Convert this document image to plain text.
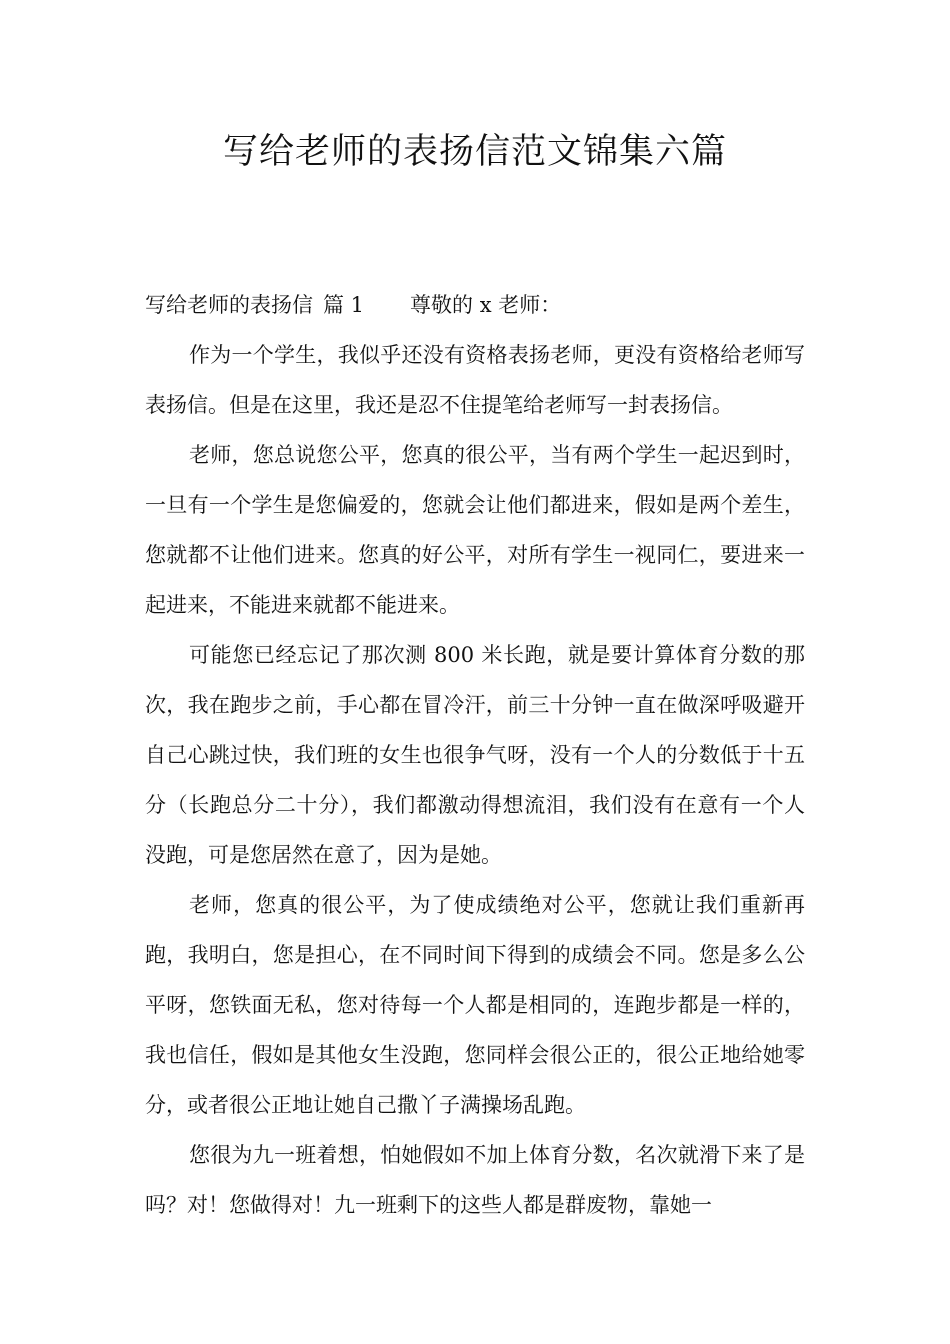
写给老师的表扬信范文锦集六篇

写给老师的表扬信 篇 1 尊敬的 x 老师：

作为一个学生，我似乎还没有资格表扬老师，更没有资格给老师写表扬信。但是在这里，我还是忍不住提笔给老师写一封表扬信。

老师，您总说您公平，您真的很公平，当有两个学生一起迟到时，一旦有一个学生是您偏爱的，您就会让他们都进来，假如是两个差生，您就都不让他们进来。您真的好公平，对所有学生一视同仁，要进来一起进来，不能进来就都不能进来。

可能您已经忘记了那次测 800 米长跑，就是要计算体育分数的那次，我在跑步之前，手心都在冒冷汗，前三十分钟一直在做深呼吸避开自己心跳过快，我们班的女生也很争气呀，没有一个人的分数低于十五分（长跑总分二十分），我们都激动得想流泪，我们没有在意有一个人没跑，可是您居然在意了，因为是她。

老师，您真的很公平，为了使成绩绝对公平，您就让我们重新再跑，我明白，您是担心，在不同时间下得到的成绩会不同。您是多么公平呀，您铁面无私，您对待每一个人都是相同的，连跑步都是一样的，我也信任，假如是其他女生没跑，您同样会很公正的，很公正地给她零分，或者很公正地让她自己撒丫子满操场乱跑。

您很为九一班着想，怕她假如不加上体育分数，名次就滑下来了是吗？对！您做得对！九一班剩下的这些人都是群废物，靠她一
